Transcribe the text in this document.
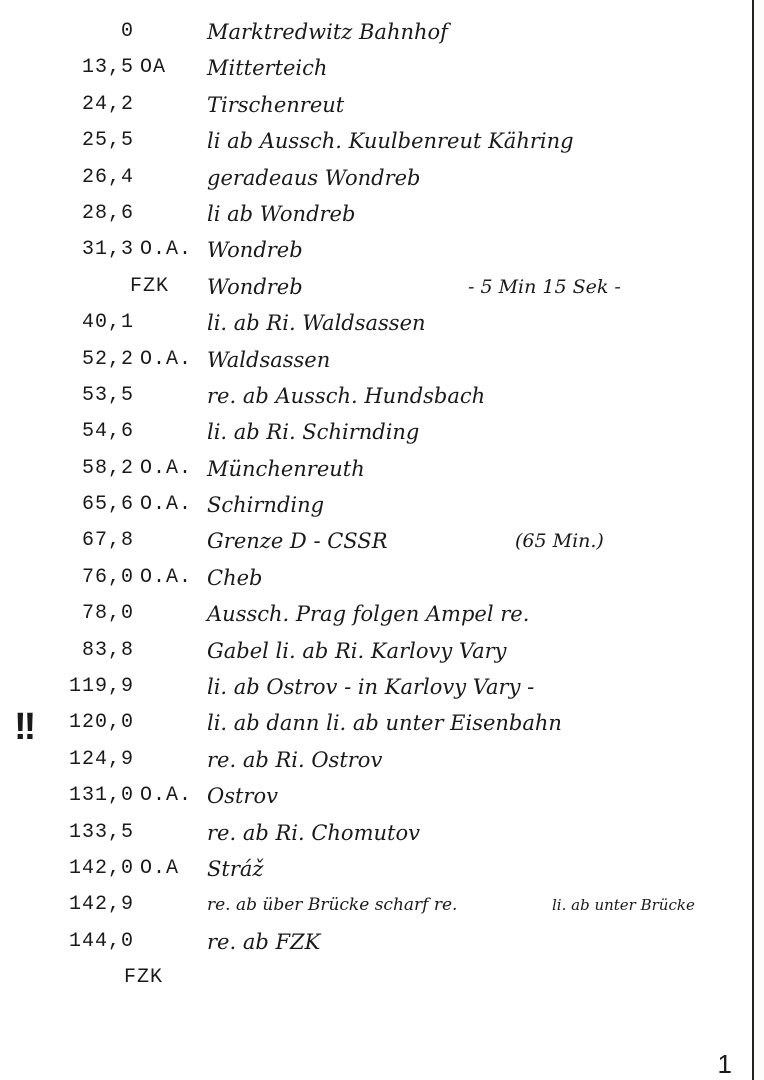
0	Marktredwitz Bahnhof
13,5 OA	Mitterteich
24,2	Tirschenreut
25,5	li ab Aussch. Kuulbenreut Kähring
26,4	geradeaus Wondreb
28,6	li ab Wondreb
31,3 O.A. Wondreb
FZK	Wondreb	- 5 Min 15 Sek -
40,1	li. ab Ri. Waldsassen
52,2 O.A. Waldsassen
53,5	re. ab Aussch. Hundsbach
54,6	li. ab Ri. Schirnding
58,2 O.A. Münchenreuth
65,6 O.A. Schirnding
67,8	Grenze D - CSSR	(65 Min.)
76,0 O.A. Cheb
78,0	Aussch. Prag folgen Ampel re.
83,8	Gabel li. ab Ri. Karlovy Vary
119,9	li. ab Ostrov - in Karlovy Vary -
120,0	li. ab dann li. ab unter Eisenbahn
124,9	re. ab Ri. Ostrov
131,0 O.A. Ostrov
133,5	re. ab Ri. Chomutov
142,0 O.A	Stráž
142,9	re. ab über Brücke scharf re.	li. ab unter Brücke
144,0	re. ab FZK
FZK
!!
1
